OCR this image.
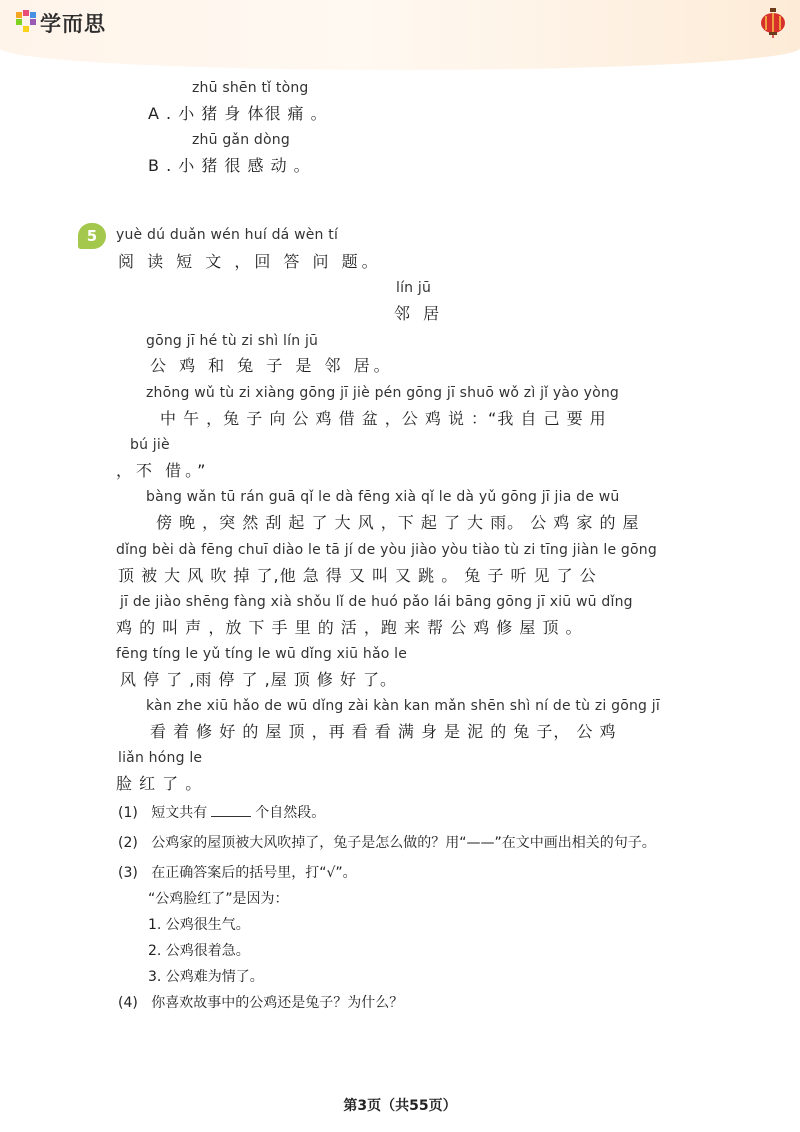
学而思
zhū shēn tǐ tòng
A . 小 猪 身 体很 痛 。
zhū gǎn dòng
B . 小 猪 很 感 动 。
5	yuè dú duǎn wén huí dá wèn tí
阅 读 短 文 ，回 答 问 题。
lín jū
邻 居
gōng jī hé tù zi shì lín jū
公 鸡 和 兔 子 是 邻 居。
zhōng wǔ tù zi xiàng gōng jī jiè pén gōng jī shuō wǒ zì jǐ yào yòng
中 午 ，兔 子 向 公 鸡 借 盆 ，公 鸡 说 ：“我 自 己 要 用
bú jiè
，不 借。”
bàng wǎn tū rán guā qǐ le dà fēng xià qǐ le dà yǔ gōng jī jia de wū
傍 晚 ，突 然 刮 起 了 大 风 ，下 起 了 大 雨。 公 鸡 家 的 屋
dǐng bèi dà fēng chuī diào le tā jí de yòu jiào yòu tiào tù zi tīng jiàn le gōng
顶 被 大 风 吹 掉 了,他 急 得 又 叫 又 跳 。 兔 子 听 见 了 公
jī de jiào shēng fàng xià shǒu lǐ de huó pǎo lái bāng gōng jī xiū wū dǐng
鸡 的 叫 声 ，放 下 手 里 的 活 ，跑 来 帮 公 鸡 修 屋 顶 。
fēng tíng le yǔ tíng le wū dǐng xiū hǎo le
风 停 了 ,雨 停 了 ,屋 顶 修 好 了。
kàn zhe xiū hǎo de wū dǐng zài kàn kan mǎn shēn shì ní de tù zi gōng jī
看 着 修 好 的 屋 顶 ，再 看 看 满 身 是 泥 的 兔 子， 公 鸡
liǎn hóng le
脸 红 了 。
(1) 短文共有	个自然段。
(2) 公鸡家的屋顶被大风吹掉了，兔子是怎么做的？用“——”在文中画出相关的句子。
(3) 在正确答案后的括号里，打“√”。
“公鸡脸红了”是因为：
1. 公鸡很生气。
2. 公鸡很着急。
3. 公鸡难为情了。
(4) 你喜欢故事中的公鸡还是兔子？为什么？
第3页（共55页）
